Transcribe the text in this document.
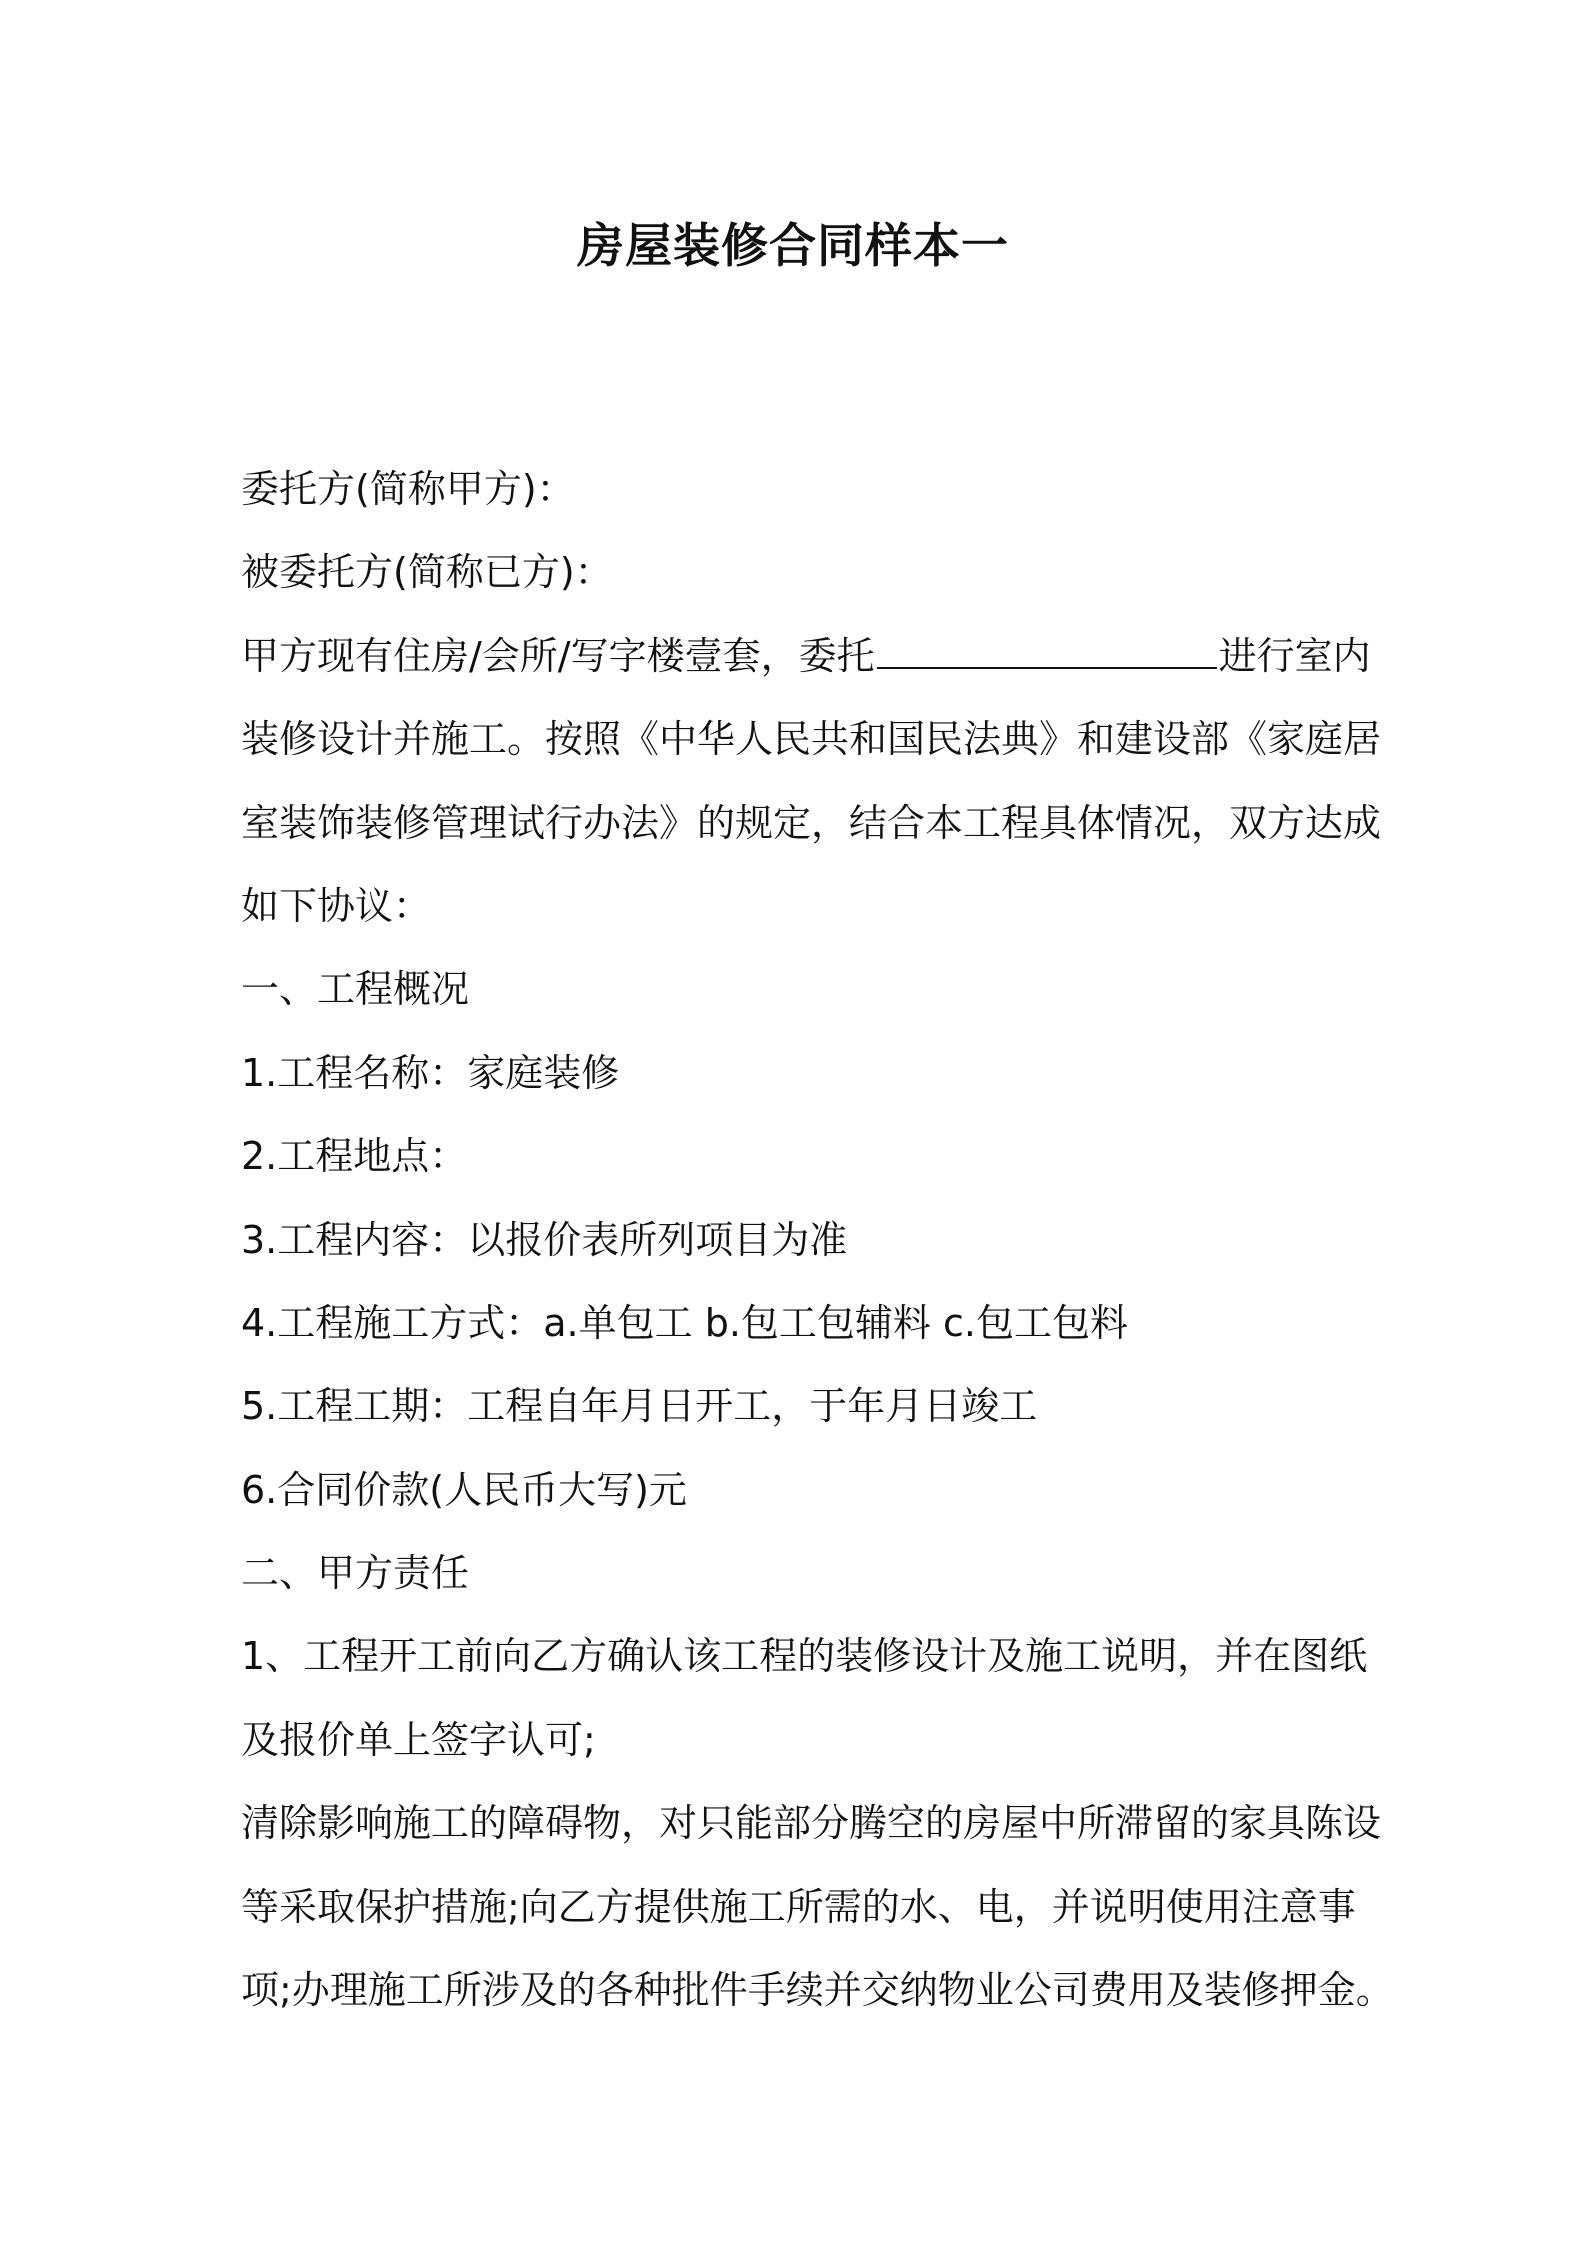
房屋装修合同样本一
委托方(简称甲方)：
被委托方(简称已方)：
甲方现有住房/会所/写字楼壹套，委托	进行室内
装修设计并施工。按照《中华人民共和国民法典》和建设部《家庭居
室装饰装修管理试行办法》的规定，结合本工程具体情况，双方达成
如下协议：
一、工程概况
1.工程名称：家庭装修
2.工程地点：
3.工程内容：以报价表所列项目为准
4.工程施工方式：a.单包工 b.包工包辅料 c.包工包料
5.工程工期：工程自年月日开工，于年月日竣工
6.合同价款(人民币大写)元
二、甲方责任
1、工程开工前向乙方确认该工程的装修设计及施工说明，并在图纸
及报价单上签字认可;
清除影响施工的障碍物，对只能部分腾空的房屋中所滞留的家具陈设
等采取保护措施;向乙方提供施工所需的水、电，并说明使用注意事
项;办理施工所涉及的各种批件手续并交纳物业公司费用及装修押金。
